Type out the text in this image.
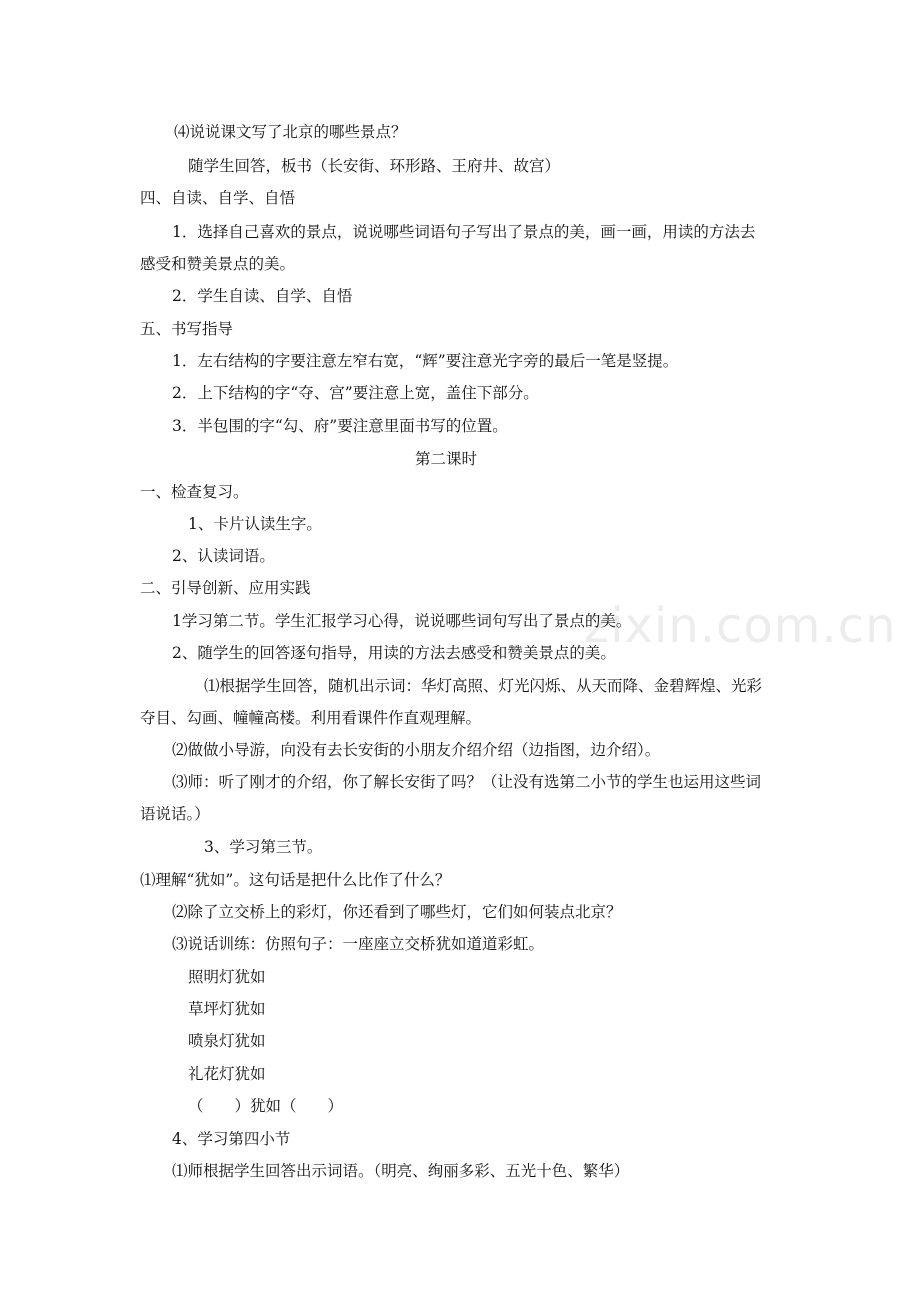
⑷说说课文写了北京的哪些景点？

随学生回答，板书（长安街、环形路、王府井、故宫）

四、自读、自学、自悟

1．选择自己喜欢的景点，说说哪些词语句子写出了景点的美，画一画，用读的方法去

感受和赞美景点的美。

2．学生自读、自学、自悟

五、书写指导

1．左右结构的字要注意左窄右宽，“辉”要注意光字旁的最后一笔是竖提。

2．上下结构的字“夺、宫”要注意上宽，盖住下部分。

3．半包围的字“勾、府”要注意里面书写的位置。

第二课时

一、检查复习。

1、卡片认读生字。

2、认读词语。

二、引导创新、应用实践

1学习第二节。学生汇报学习心得，说说哪些词句写出了景点的美。

2、随学生的回答逐句指导，用读的方法去感受和赞美景点的美。

⑴根据学生回答，随机出示词：华灯高照、灯光闪烁、从天而降、金碧辉煌、光彩

夺目、勾画、幢幢高楼。利用看课件作直观理解。

⑵做做小导游，向没有去长安街的小朋友介绍介绍（边指图，边介绍）。

⑶师：听了刚才的介绍，你了解长安街了吗？（让没有选第二小节的学生也运用这些词

语说话。）

3、学习第三节。

⑴理解“犹如”。这句话是把什么比作了什么？

⑵除了立交桥上的彩灯，你还看到了哪些灯，它们如何装点北京？

⑶说话训练：仿照句子：一座座立交桥犹如道道彩虹。

照明灯犹如

草坪灯犹如

喷泉灯犹如

礼花灯犹如

（　　）犹如（　　）

4、学习第四小节

⑴师根据学生回答出示词语。（明亮、绚丽多彩、五光十色、繁华）

zixin.com.cn
